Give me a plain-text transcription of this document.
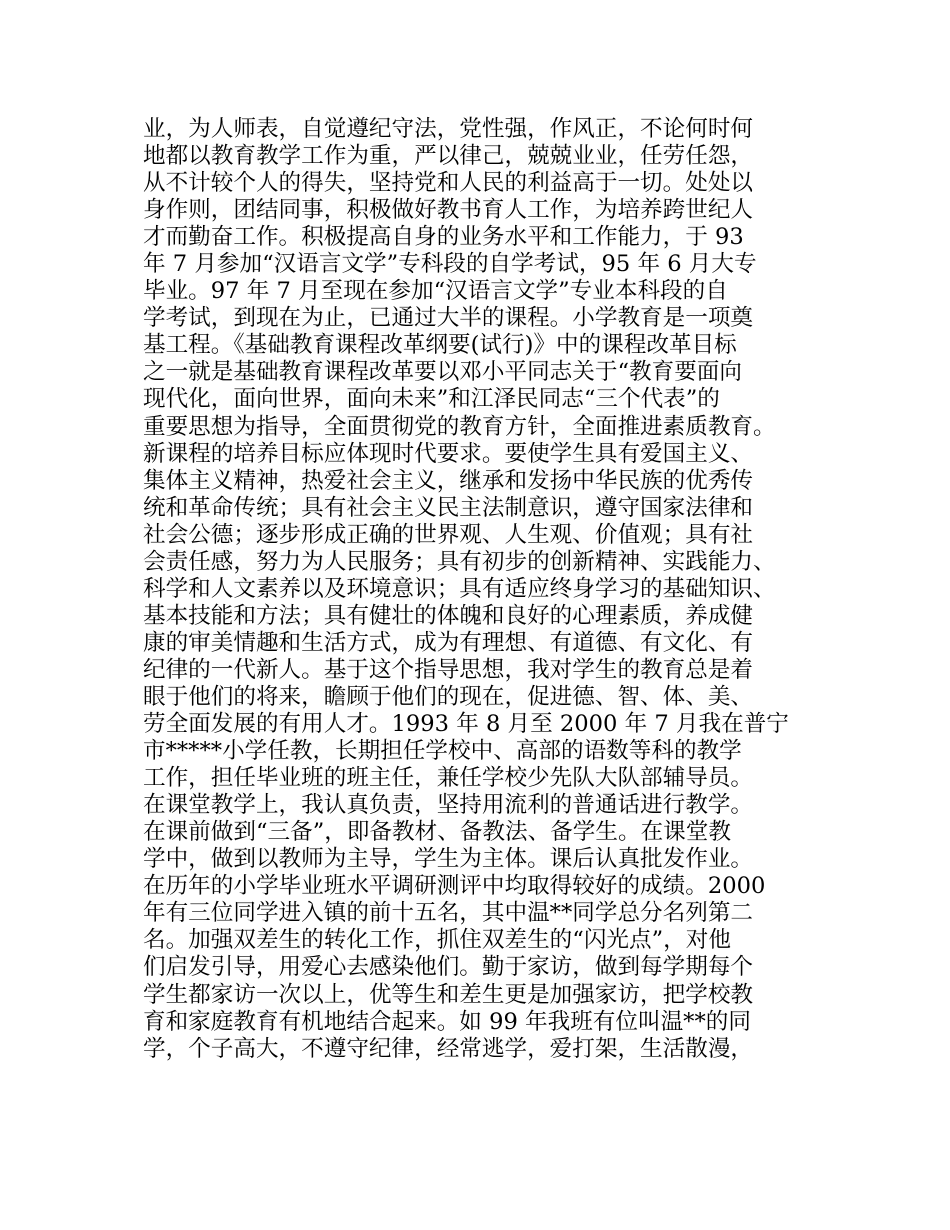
业，为人师表，自觉遵纪守法，党性强，作风正，不论何时何
地都以教育教学工作为重，严以律己，兢兢业业，任劳任怨，
从不计较个人的得失，坚持党和人民的利益高于一切。处处以
身作则，团结同事，积极做好教书育人工作，为培养跨世纪人
才而勤奋工作。积极提高自身的业务水平和工作能力，于 93
年 7 月参加“汉语言文学”专科段的自学考试，95 年 6 月大专
毕业。97 年 7 月至现在参加“汉语言文学”专业本科段的自
学考试，到现在为止，已通过大半的课程。小学教育是一项奠
基工程。《基础教育课程改革纲要(试行)》中的课程改革目标
之一就是基础教育课程改革要以邓小平同志关于“教育要面向
现代化，面向世界，面向未来”和江泽民同志“三个代表”的
重要思想为指导，全面贯彻党的教育方针，全面推进素质教育。
新课程的培养目标应体现时代要求。要使学生具有爱国主义、
集体主义精神，热爱社会主义，继承和发扬中华民族的优秀传
统和革命传统；具有社会主义民主法制意识，遵守国家法律和
社会公德；逐步形成正确的世界观、人生观、价值观；具有社
会责任感，努力为人民服务；具有初步的创新精神、实践能力、
科学和人文素养以及环境意识；具有适应终身学习的基础知识、
基本技能和方法；具有健壮的体魄和良好的心理素质，养成健
康的审美情趣和生活方式，成为有理想、有道德、有文化、有
纪律的一代新人。基于这个指导思想，我对学生的教育总是着
眼于他们的将来，瞻顾于他们的现在，促进德、智、体、美、
劳全面发展的有用人才。1993 年 8 月至 2000 年 7 月我在普宁
市*****小学任教，长期担任学校中、高部的语数等科的教学
工作，担任毕业班的班主任，兼任学校少先队大队部辅导员。
在课堂教学上，我认真负责，坚持用流利的普通话进行教学。
在课前做到“三备”，即备教材、备教法、备学生。在课堂教
学中，做到以教师为主导，学生为主体。课后认真批发作业。
在历年的小学毕业班水平调研测评中均取得较好的成绩。2000
年有三位同学进入镇的前十五名，其中温**同学总分名列第二
名。加强双差生的转化工作，抓住双差生的“闪光点”，对他
们启发引导，用爱心去感染他们。勤于家访，做到每学期每个
学生都家访一次以上，优等生和差生更是加强家访，把学校教
育和家庭教育有机地结合起来。如 99 年我班有位叫温**的同
学，个子高大，不遵守纪律，经常逃学，爱打架，生活散漫，
